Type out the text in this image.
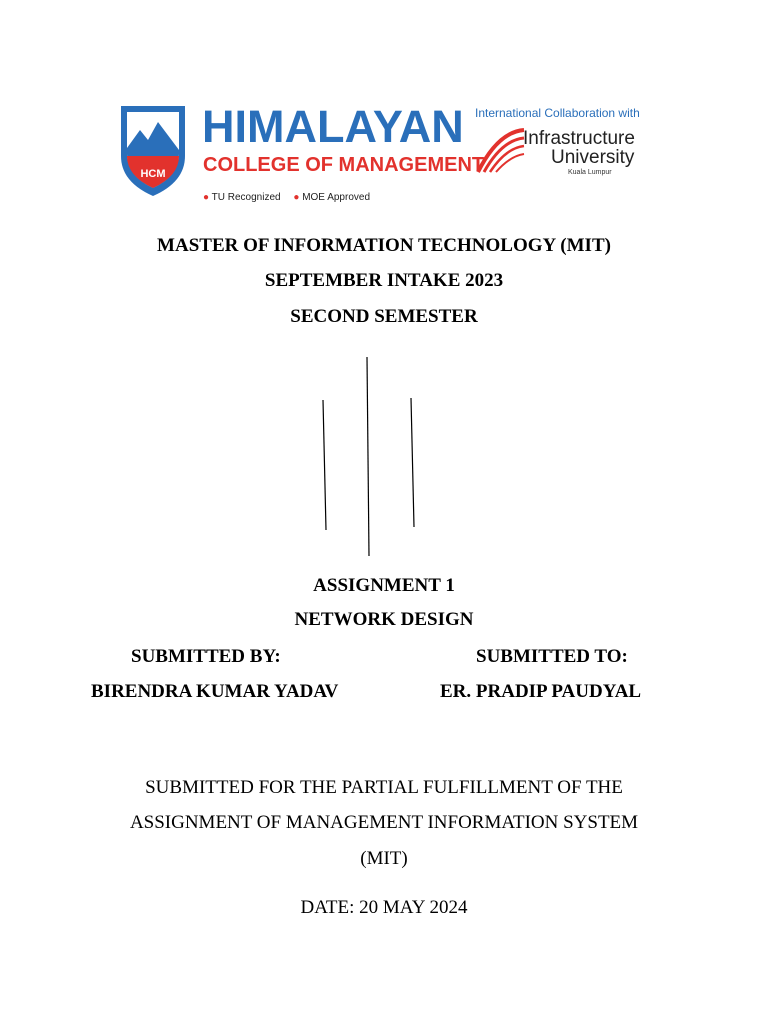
HCM
HIMALAYAN
COLLEGE OF MANAGEMENT
● TU Recognized ● MOE Approved
International Collaboration with
Infrastructure
University
Kuala Lumpur
MASTER OF INFORMATION TECHNOLOGY (MIT)
SEPTEMBER INTAKE 2023
SECOND SEMESTER
ASSIGNMENT 1
NETWORK DESIGN
SUBMITTED BY:	SUBMITTED TO:
BIRENDRA KUMAR YADAV	ER. PRADIP PAUDYAL
SUBMITTED FOR THE PARTIAL FULFILLMENT OF THE
ASSIGNMENT OF MANAGEMENT INFORMATION SYSTEM
(MIT)
DATE: 20 MAY 2024
